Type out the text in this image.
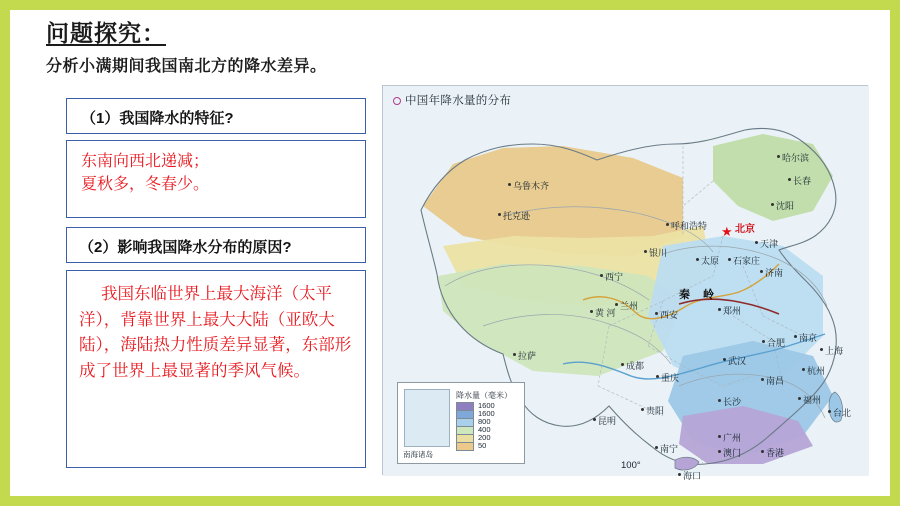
问题探究：
分析小满期间我国南北方的降水差异。
（1）我国降水的特征?
东南向西北递减；
夏秋多，冬春少。
（2）影响我国降水分布的原因?
我国东临世界上最大海洋（太平洋），背靠世界上最大大陆（亚欧大陆），海陆热力性质差异显著，东部形成了世界上最显著的季风气候。
中国年降水量的分布
秦 岭
100°
★
南海诸岛
降水量（毫米）
1600
1600
800
400
200
50
哈尔滨
长春
沈阳
呼和浩特	北京
天津
太原 石家庄
济南
银川
西宁
兰州
西安	郑州
合肥 南京
上海
杭州
南昌
武汉
长沙
成都
重庆
贵阳
昆明
福州
广州
南宁	澳门	香港
海口
台北
乌鲁木齐
托克逊
拉萨
黄 河
